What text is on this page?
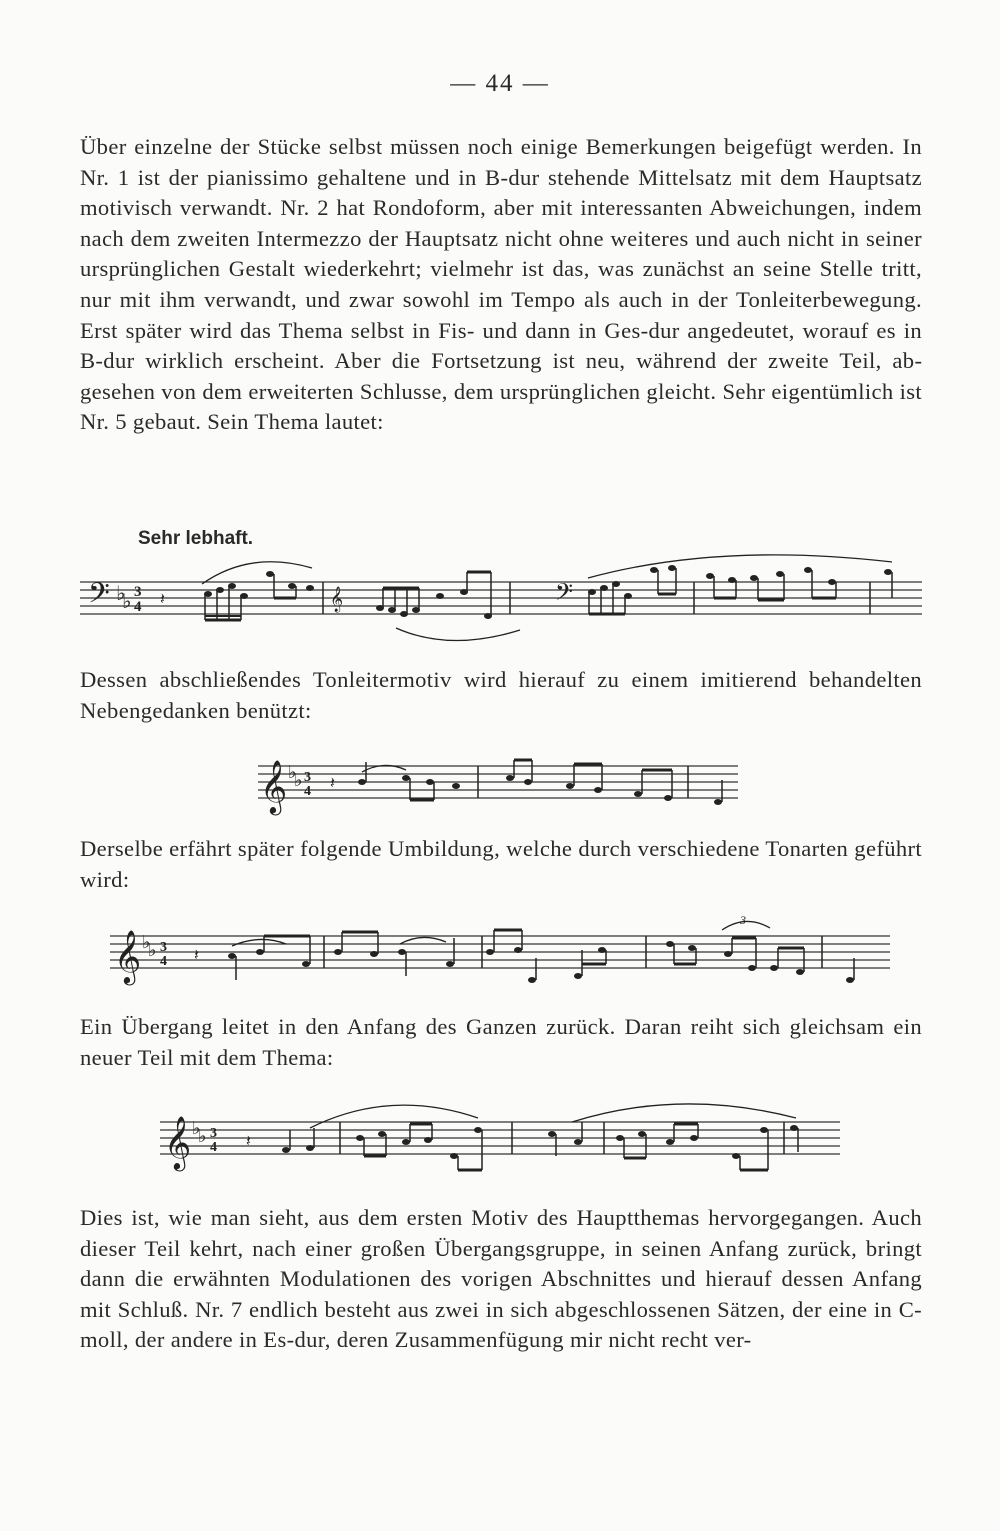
— 44 —

Über einzelne der Stücke selbst müssen noch einige Bemerkungen beigefügt werden. In Nr. 1 ist der pianissimo gehaltene und in B-dur stehende Mittelsatz mit dem Hauptsatz motivisch verwandt. Nr. 2 hat Rondoform, aber mit interessanten Abweichungen, indem nach dem zweiten Intermezzo der Hauptsatz nicht ohne weiteres und auch nicht in seiner ursprünglichen Gestalt wiederkehrt; vielmehr ist das, was zunächst an seine Stelle tritt, nur mit ihm verwandt, und zwar sowohl im Tempo als auch in der Tonleiterbewegung. Erst später wird das Thema selbst in Fis- und dann in Ges-dur angedeutet, worauf es in B-dur wirklich erscheint. Aber die Fortsetzung ist neu, während der zweite Teil, abgesehen von dem erweiterten Schlusse, dem ursprünglichen gleicht. Sehr eigentümlich ist Nr. 5 gebaut. Sein Thema lautet:

Sehr lebhaft.
𝄢 ♭
♭ 3
4 𝄽	𝄞	𝄢

Dessen abschließendes Tonleitermotiv wird hierauf zu einem imitierend behandelten Nebengedanken benützt:

𝄞 ♭
♭ 3
4 𝄽

Derselbe erfährt später folgende Umbildung, welche durch verschiedene Tonarten geführt wird:

𝄞 ♭
♭ 3
4 𝄽
3

Ein Übergang leitet in den Anfang des Ganzen zurück. Daran reiht sich gleichsam ein neuer Teil mit dem Thema:

𝄞 ♭
♭ 3
4 𝄽

Dies ist, wie man sieht, aus dem ersten Motiv des Hauptthemas hervorgegangen. Auch dieser Teil kehrt, nach einer großen Übergangsgruppe, in seinen Anfang zurück, bringt dann die erwähnten Modulationen des vorigen Abschnittes und hierauf dessen Anfang mit Schluß. Nr. 7 endlich besteht aus zwei in sich abgeschlossenen Sätzen, der eine in C-moll, der andere in Es-dur, deren Zusammenfügung mir nicht recht ver-
